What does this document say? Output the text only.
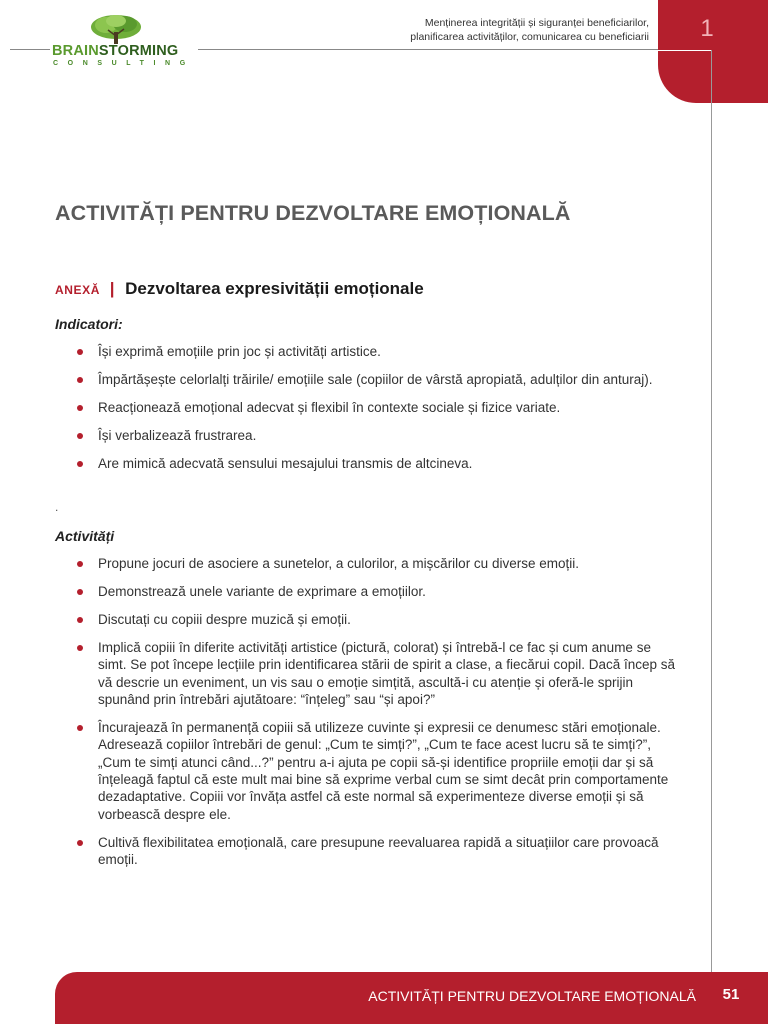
BRAINSTORMING
CONSULTING
Menținerea integrității și siguranței beneficiarilor,
planificarea activităților, comunicarea cu beneficiarii	1
ACTIVITĂȚI PENTRU DEZVOLTARE EMOȚIONALĂ
ANEXĂ | Dezvoltarea expresivității emoționale

Indicatori:

Își exprimă emoțiile prin joc și activități artistice.
Împărtășește celorlalți trăirile/ emoțiile sale (copiilor de vârstă apropiată, adulților din anturaj).
Reacționează emoțional adecvat și flexibil în contexte sociale și fizice variate.
Își verbalizează frustrarea.
Are mimică adecvată sensului mesajului transmis de altcineva.
.

Activități

Propune jocuri de asociere a sunetelor, a culorilor, a mișcărilor cu diverse emoții.
Demonstrează unele variante de exprimare a emoțiilor.
Discutați cu copiii despre muzică și emoții.
Implică copiii în diferite activități artistice (pictură, colorat) și întrebă-l ce fac și cum anume se simt. Se pot începe lecțiile prin identificarea stării de spirit a clase, a fiecărui copil. Dacă încep să vă descrie un eveniment, un vis sau o emoție simțită, ascultă-i cu atenție și oferă-le sprijin spunând prin întrebări ajutătoare: “înțeleg” sau “și apoi?”
Încurajează în permanență copiii să utilizeze cuvinte și expresii ce denumesc stări emoționale. Adresează copiilor întrebări de genul: „Cum te simți?”, „Cum te face acest lucru să te simți?”, „Cum te simți atunci când...?” pentru a-i ajuta pe copii să-și identifice propriile emoții dar și să înțeleagă faptul că este mult mai bine să exprime verbal cum se simt decât prin comportamente dezadaptative. Copiii vor învăța astfel că este normal să experimenteze diverse emoții și să vorbească despre ele.
Cultivă flexibilitatea emoțională, care presupune reevaluarea rapidă a situațiilor care provoacă emoții.
ACTIVITĂȚI PENTRU DEZVOLTARE EMOȚIONALĂ	51
